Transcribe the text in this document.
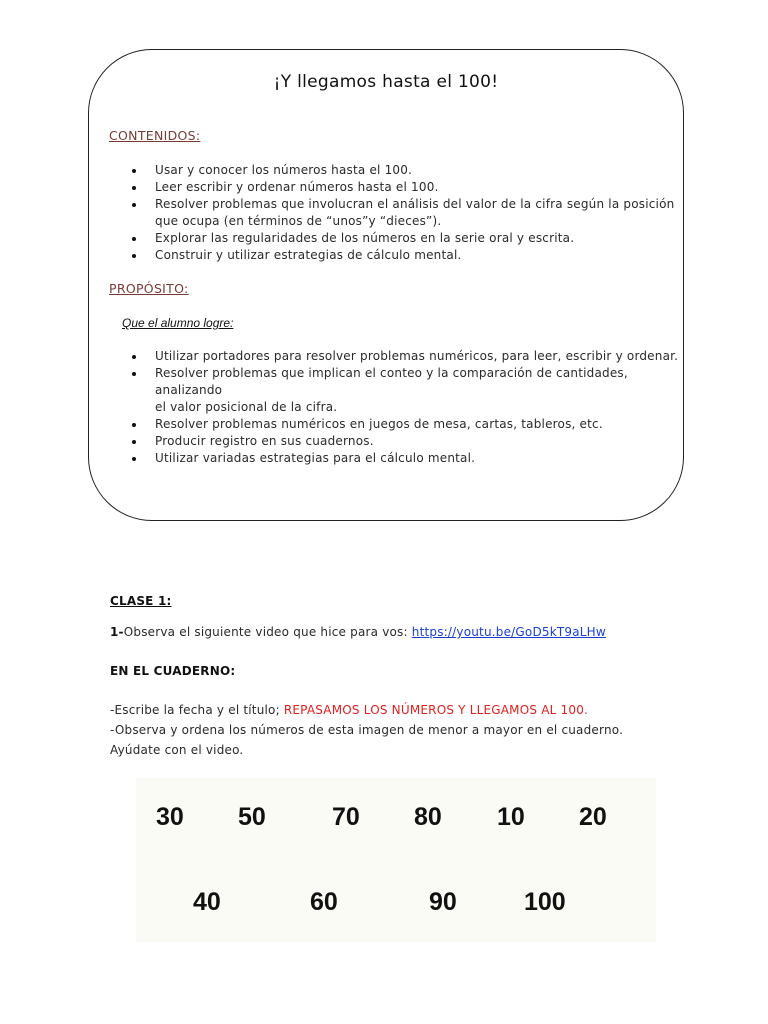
¡Y llegamos hasta el 100!
CONTENIDOS:
Usar y conocer los números hasta el 100.
Leer escribir y ordenar números hasta el 100.
Resolver problemas que involucran el análisis del valor de la cifra según la posición
que ocupa (en términos de “unos”y “dieces”).
Explorar las regularidades de los números en la serie oral y escrita.
Construir y utilizar estrategias de cálculo mental.
PROPÓSITO:
Que el alumno logre:
Utilizar portadores para resolver problemas numéricos, para leer, escribir y ordenar.
Resolver problemas que implican el conteo y la comparación de cantidades, analizando
el valor posicional de la cifra.
Resolver problemas numéricos en juegos de mesa, cartas, tableros, etc.
Producir registro en sus cuadernos.
Utilizar variadas estrategias para el cálculo mental.
CLASE 1:
1-Observa el siguiente video que hice para vos: https://youtu.be/GoD5kT9aLHw
EN EL CUADERNO:
-Escribe la fecha y el título; REPASAMOS LOS NÚMEROS Y LLEGAMOS AL 100.
-Observa y ordena los números de esta imagen de menor a mayor en el cuaderno.
Ayúdate con el video.
30 50	70 80 10 20
40	60	90	100
